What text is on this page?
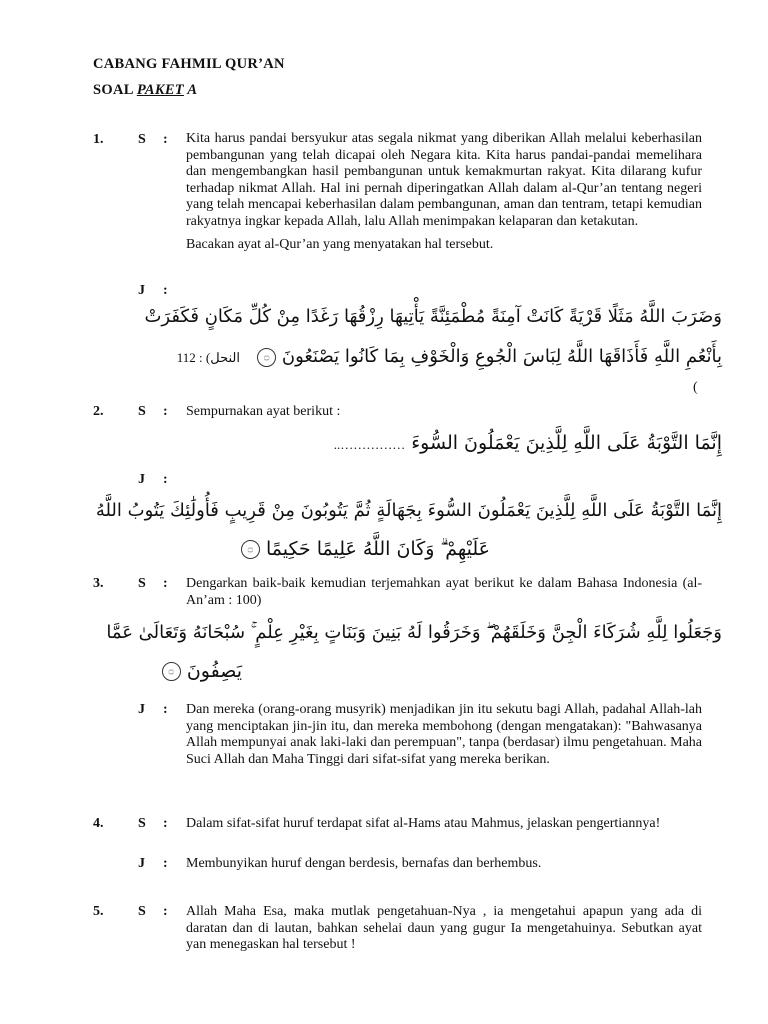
CABANG FAHMIL QUR’AN
SOAL PAKET A
1. S : Kita harus pandai bersyukur atas segala nikmat yang diberikan Allah melalui keberhasilan pembangunan yang telah dicapai oleh Negara kita. Kita harus pandai-pandai memelihara dan mengembangkan hasil pembangunan untuk kemakmurtan rakyat. Kita dilarang kufur terhadap nikmat Allah. Hal ini pernah diperingatkan Allah dalam al-Qur’an tentang negeri yang telah mencapai keberhasilan dalam pembangunan, aman dan tentram, tetapi kemudian rakyatnya ingkar kepada Allah, lalu Allah menimpakan kelaparan dan ketakutan.

Bacakan ayat al-Qur’an yang menyatakan hal tersebut.

J :
وَضَرَبَ اللَّهُ مَثَلًا قَرْيَةً كَانَتْ آمِنَةً مُطْمَئِنَّةً يَأْتِيهَا رِزْقُهَا رَغَدًا مِنْ كُلِّ مَكَانٍ فَكَفَرَتْ
بِأَنْعُمِ اللَّهِ فَأَذَاقَهَا اللَّهُ لِبَاسَ الْجُوعِ وَالْخَوْفِ بِمَا كَانُوا يَصْنَعُونَ ۝   112 : (النحل
(
2. S : Sempurnakan ayat berikut :
إِنَّمَا التَّوْبَةُ عَلَى اللَّهِ لِلَّذِينَ يَعْمَلُونَ السُّوءَ ……………..
J :
إِنَّمَا التَّوْبَةُ عَلَى اللَّهِ لِلَّذِينَ يَعْمَلُونَ السُّوءَ بِجَهَالَةٍ ثُمَّ يَتُوبُونَ مِنْ قَرِيبٍ فَأُولَٰئِكَ يَتُوبُ اللَّهُ
عَلَيْهِمْ ۗ وَكَانَ اللَّهُ عَلِيمًا حَكِيمًا ۝
3. S : Dengarkan baik-baik kemudian terjemahkan ayat berikut ke dalam Bahasa Indonesia (al-An’am : 100)
وَجَعَلُوا لِلَّهِ شُرَكَاءَ الْجِنَّ وَخَلَقَهُمْ ۖ وَخَرَقُوا لَهُ بَنِينَ وَبَنَاتٍ بِغَيْرِ عِلْمٍ ۚ سُبْحَانَهُ وَتَعَالَىٰ عَمَّا
يَصِفُونَ ۝
J : Dan mereka (orang-orang musyrik) menjadikan jin itu sekutu bagi Allah, padahal Allah-lah yang menciptakan jin-jin itu, dan mereka membohong (dengan mengatakan): "Bahwasanya Allah mempunyai anak laki-laki dan perempuan", tanpa (berdasar) ilmu pengetahuan. Maha Suci Allah dan Maha Tinggi dari sifat-sifat yang mereka berikan.
4. S : Dalam sifat-sifat huruf terdapat sifat al-Hams atau Mahmus, jelaskan pengertiannya!
J : Membunyikan huruf dengan berdesis, bernafas dan berhembus.
5. S : Allah Maha Esa, maka mutlak pengetahuan-Nya , ia mengetahui apapun yang ada di daratan dan di lautan, bahkan sehelai daun yang gugur Ia mengetahuinya. Sebutkan ayat yan menegaskan hal tersebut !
